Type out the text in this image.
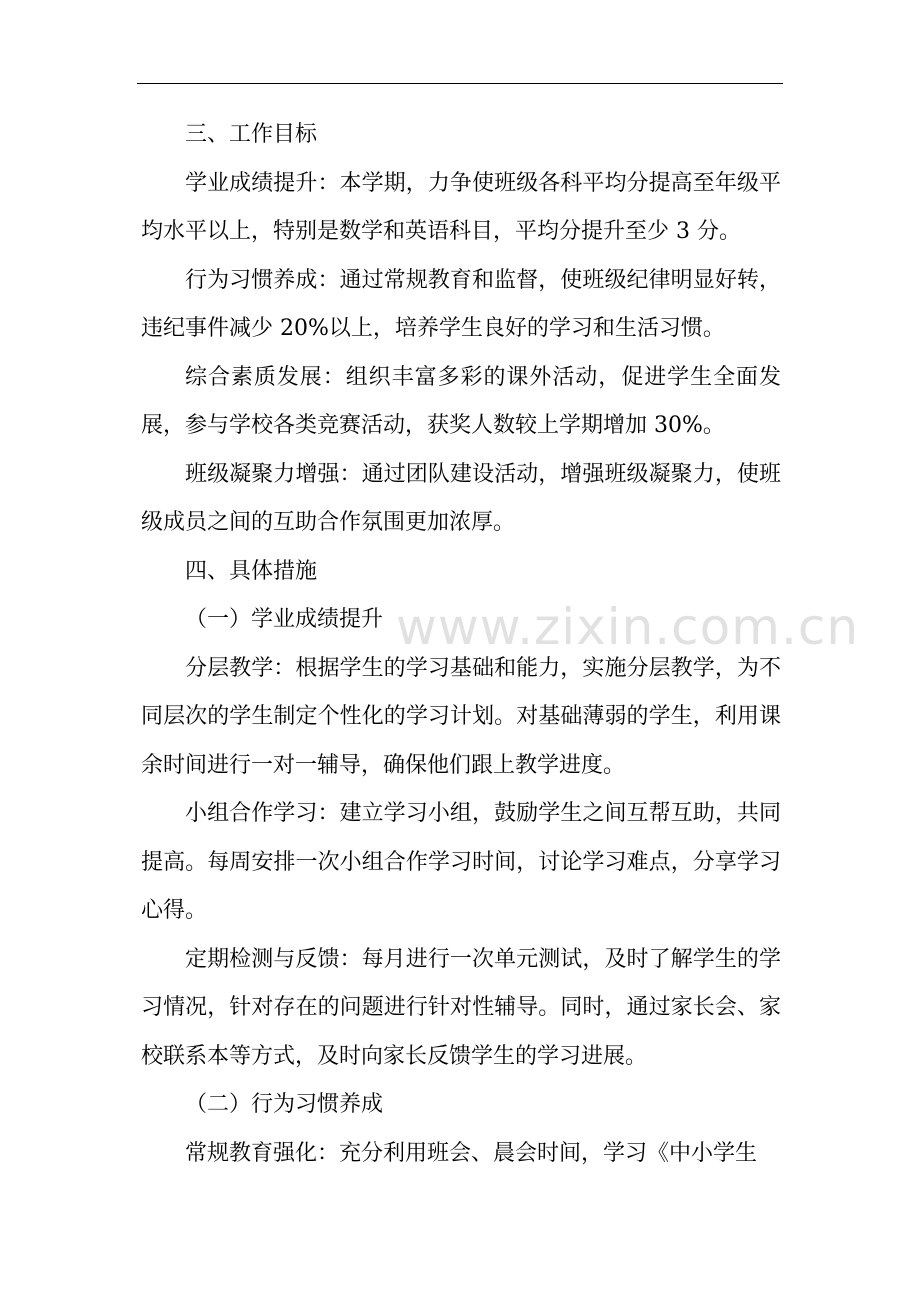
三、工作目标

学业成绩提升：本学期，力争使班级各科平均分提高至年级平均水平以上，特别是数学和英语科目，平均分提升至少 3 分。

行为习惯养成：通过常规教育和监督，使班级纪律明显好转，违纪事件减少 20%以上，培养学生良好的学习和生活习惯。

综合素质发展：组织丰富多彩的课外活动，促进学生全面发展，参与学校各类竞赛活动，获奖人数较上学期增加 30%。

班级凝聚力增强：通过团队建设活动，增强班级凝聚力，使班级成员之间的互助合作氛围更加浓厚。

四、具体措施

（一）学业成绩提升

分层教学：根据学生的学习基础和能力，实施分层教学，为不同层次的学生制定个性化的学习计划。对基础薄弱的学生，利用课余时间进行一对一辅导，确保他们跟上教学进度。

小组合作学习：建立学习小组，鼓励学生之间互帮互助，共同提高。每周安排一次小组合作学习时间，讨论学习难点，分享学习心得。

定期检测与反馈：每月进行一次单元测试，及时了解学生的学习情况，针对存在的问题进行针对性辅导。同时，通过家长会、家校联系本等方式，及时向家长反馈学生的学习进展。

（二）行为习惯养成

常规教育强化：充分利用班会、晨会时间，学习《中小学生

www.zixin.com.cn
